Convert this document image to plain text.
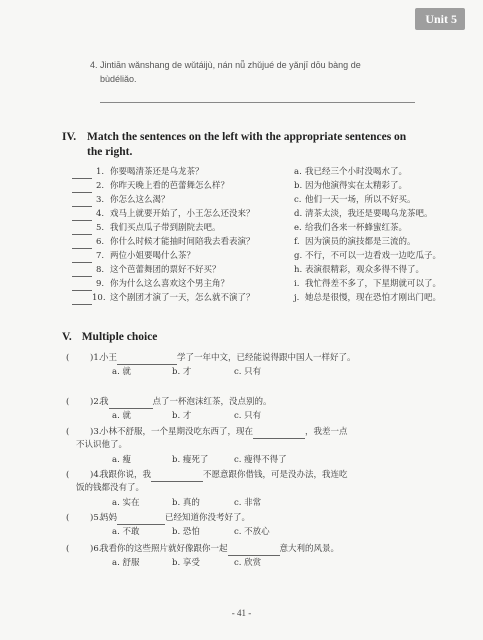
Unit 5
4. Jintiān wǎnshang de wǔtáijù, nán nǚ zhǔjué de yǎnjī dōu bàng de
bùdéliǎo.
IV. Match the sentences on the left with the appropriate sentences on the right.
1. 你要喝清茶还是乌龙茶？	a. 我已经三个小时没喝水了。
2. 你昨天晚上看的芭蕾舞怎么样？	b. 因为他演得实在太精彩了。
3. 你怎么这么渴？	c. 他们一天一场，所以不好买。
4. 戏马上就要开始了，小王怎么还没来？	d. 清茶太淡，我还是要喝乌龙茶吧。
5. 我们买点瓜子带到剧院去吧。	e. 给我们各来一杯蜂蜜红茶。
6. 你什么时候才能抽时间陪我去看表演？	f. 因为演员的演技都是三流的。
7. 两位小姐要喝什么茶？	g. 不行，不可以一边看戏一边吃瓜子。
8. 这个芭蕾舞团的票好不好买？	h. 表演很精彩，观众多得不得了。
9. 你为什么这么喜欢这个男主角？	i. 我忙得差不多了，下星期就可以了。
10. 这个剧团才演了一天，怎么就不演了？	j. 她总是很慢，现在恐怕才刚出门吧。
V. Multiple choice
( )1.
小王	学了一年中文，已经能说得跟中国人一样好了。
a. 就	b. 才	c. 只有
( )2.
我	点了一杯泡沫红茶，没点别的。
a. 就	b. 才	c. 只有
( )3.
小林不舒服，一个星期没吃东西了，现在	，我差一点
不认识他了。
a. 瘦	b. 瘦死了	c. 瘦得不得了
( )4.
我跟你说，我	不愿意跟你借钱，可是没办法，我连吃
饭的钱都没有了。
a. 实在	b. 真的	c. 非常
( )5.
妈妈	已经知道你没考好了。
a. 不敢	b. 恐怕	c. 不放心
( )6.
我看你的这些照片就好像跟你一起	意大利的风景。
a. 舒服	b. 享受	c. 欣赏
- 41 -
